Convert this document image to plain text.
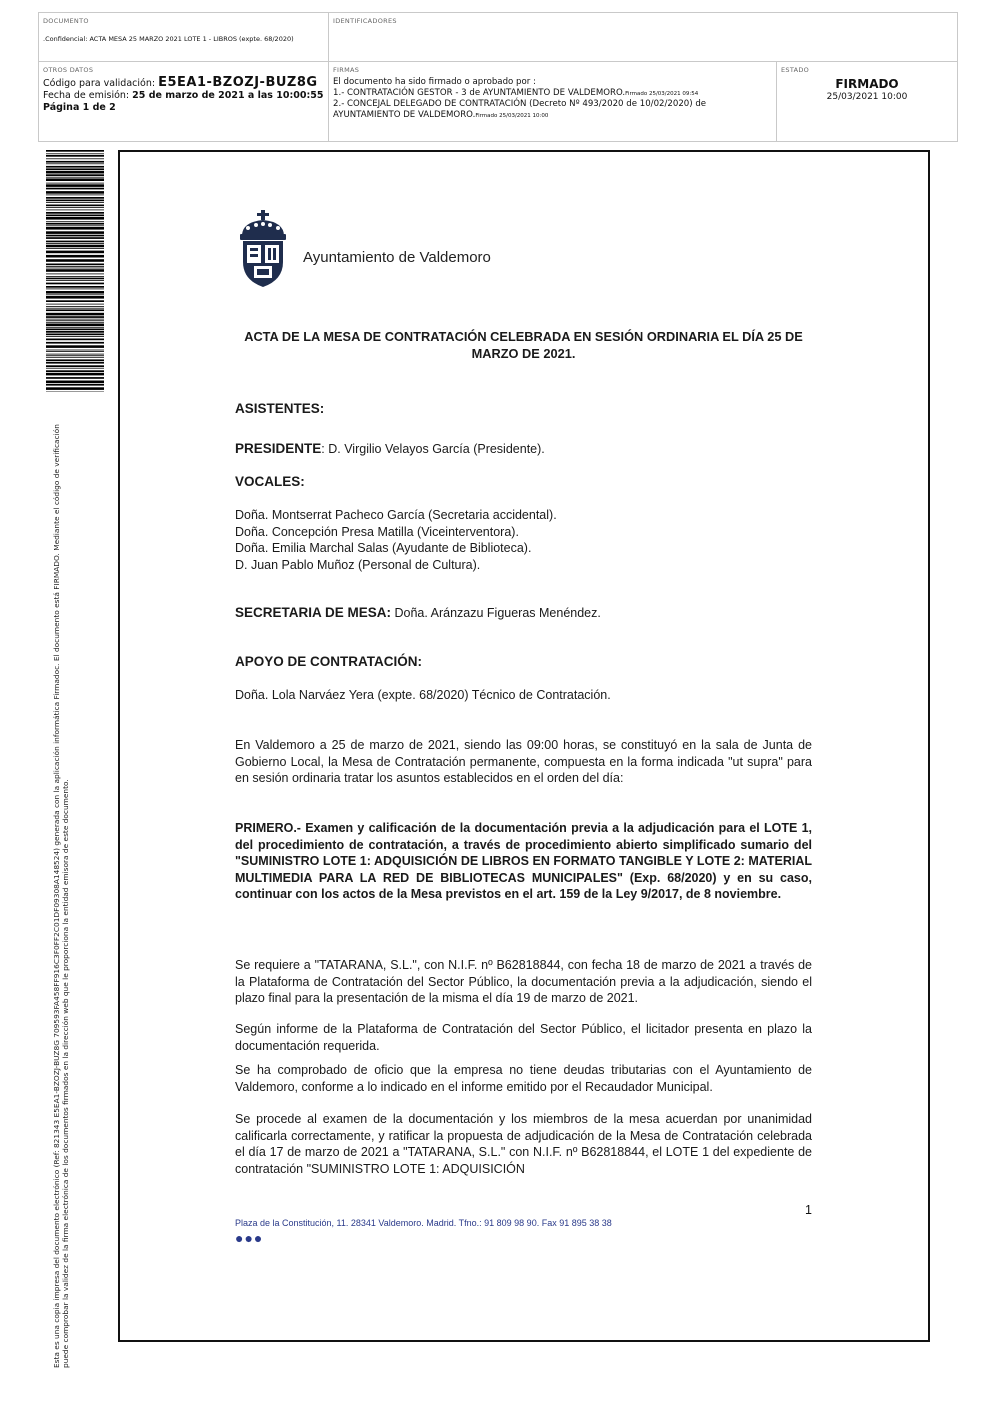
DOCUMENTO
.Confidencial: ACTA MESA 25 MARZO 2021 LOTE 1 - LIBROS (expte. 68/2020)
IDENTIFICADORES
OTROS DATOS
Código para validación: E5EA1-BZOZJ-BUZ8G
Fecha de emisión: 25 de marzo de 2021 a las 10:00:55
Página 1 de 2
FIRMAS
El documento ha sido firmado o aprobado por :
1.- CONTRATACIÓN GESTOR - 3 de AYUNTAMIENTO DE VALDEMORO.Firmado 25/03/2021 09:54
2.- CONCEJAL DELEGADO DE CONTRATACIÓN (Decreto Nº 493/2020 de 10/02/2020) de AYUNTAMIENTO DE VALDEMORO.Firmado 25/03/2021 10:00
ESTADO
FIRMADO
25/03/2021 10:00
Esta es una copia impresa del documento electrónico (Ref: 821343 E5EA1-BZOZJ-BUZ8G 709593FA458FF916C3F0FF2C01DF09308A148524) generada con la aplicación informática Firmadoc. El documento está FIRMADO. Mediante el código de verificación puede comprobar la validez de la firma electrónica de los documentos firmados en la dirección web que le proporciona la entidad emisora de este documento.
Ayuntamiento de Valdemoro
ACTA DE LA MESA DE CONTRATACIÓN CELEBRADA EN SESIÓN ORDINARIA EL DÍA 25 DE MARZO DE 2021.
ASISTENTES:
PRESIDENTE: D. Virgilio Velayos García (Presidente).
VOCALES:
Doña. Montserrat Pacheco García (Secretaria accidental).
Doña. Concepción Presa Matilla (Viceinterventora).
Doña. Emilia Marchal Salas (Ayudante de Biblioteca).
D. Juan Pablo Muñoz (Personal de Cultura).
SECRETARIA DE MESA: Doña. Aránzazu Figueras Menéndez.
APOYO DE CONTRATACIÓN:
Doña. Lola Narváez Yera (expte. 68/2020) Técnico de Contratación.
En Valdemoro a 25 de marzo de 2021, siendo las 09:00 horas, se constituyó en la sala de Junta de Gobierno Local, la Mesa de Contratación permanente, compuesta en la forma indicada "ut supra" para en sesión ordinaria tratar los asuntos establecidos en el orden del día:
PRIMERO.- Examen y calificación de la documentación previa a la adjudicación para el LOTE 1, del procedimiento de contratación, a través de procedimiento abierto simplificado sumario del "SUMINISTRO LOTE 1: ADQUISICIÓN DE LIBROS EN FORMATO TANGIBLE Y LOTE 2: MATERIAL MULTIMEDIA PARA LA RED DE BIBLIOTECAS MUNICIPALES" (Exp. 68/2020) y en su caso, continuar con los actos de la Mesa previstos en el art. 159 de la Ley 9/2017, de 8 noviembre.
Se requiere a "TATARANA, S.L.", con N.I.F. nº B62818844, con fecha 18 de marzo de 2021 a través de la Plataforma de Contratación del Sector Público, la documentación previa a la adjudicación, siendo el plazo final para la presentación de la misma el día 19 de marzo de 2021.
Según informe de la Plataforma de Contratación del Sector Público, el licitador presenta en plazo la documentación requerida.
Se ha comprobado de oficio que la empresa no tiene deudas tributarias con el Ayuntamiento de Valdemoro, conforme a lo indicado en el informe emitido por el Recaudador Municipal.
Se procede al examen de la documentación y los miembros de la mesa acuerdan por unanimidad calificarla correctamente, y ratificar la propuesta de adjudicación de la Mesa de Contratación celebrada el día 17 de marzo de 2021 a "TATARANA, S.L." con N.I.F. nº B62818844, el LOTE 1 del expediente de contratación "SUMINISTRO LOTE 1: ADQUISICIÓN
1
Plaza de la Constitución, 11. 28341 Valdemoro. Madrid. Tfno.: 91 809 98 90. Fax 91 895 38 38
●●●
